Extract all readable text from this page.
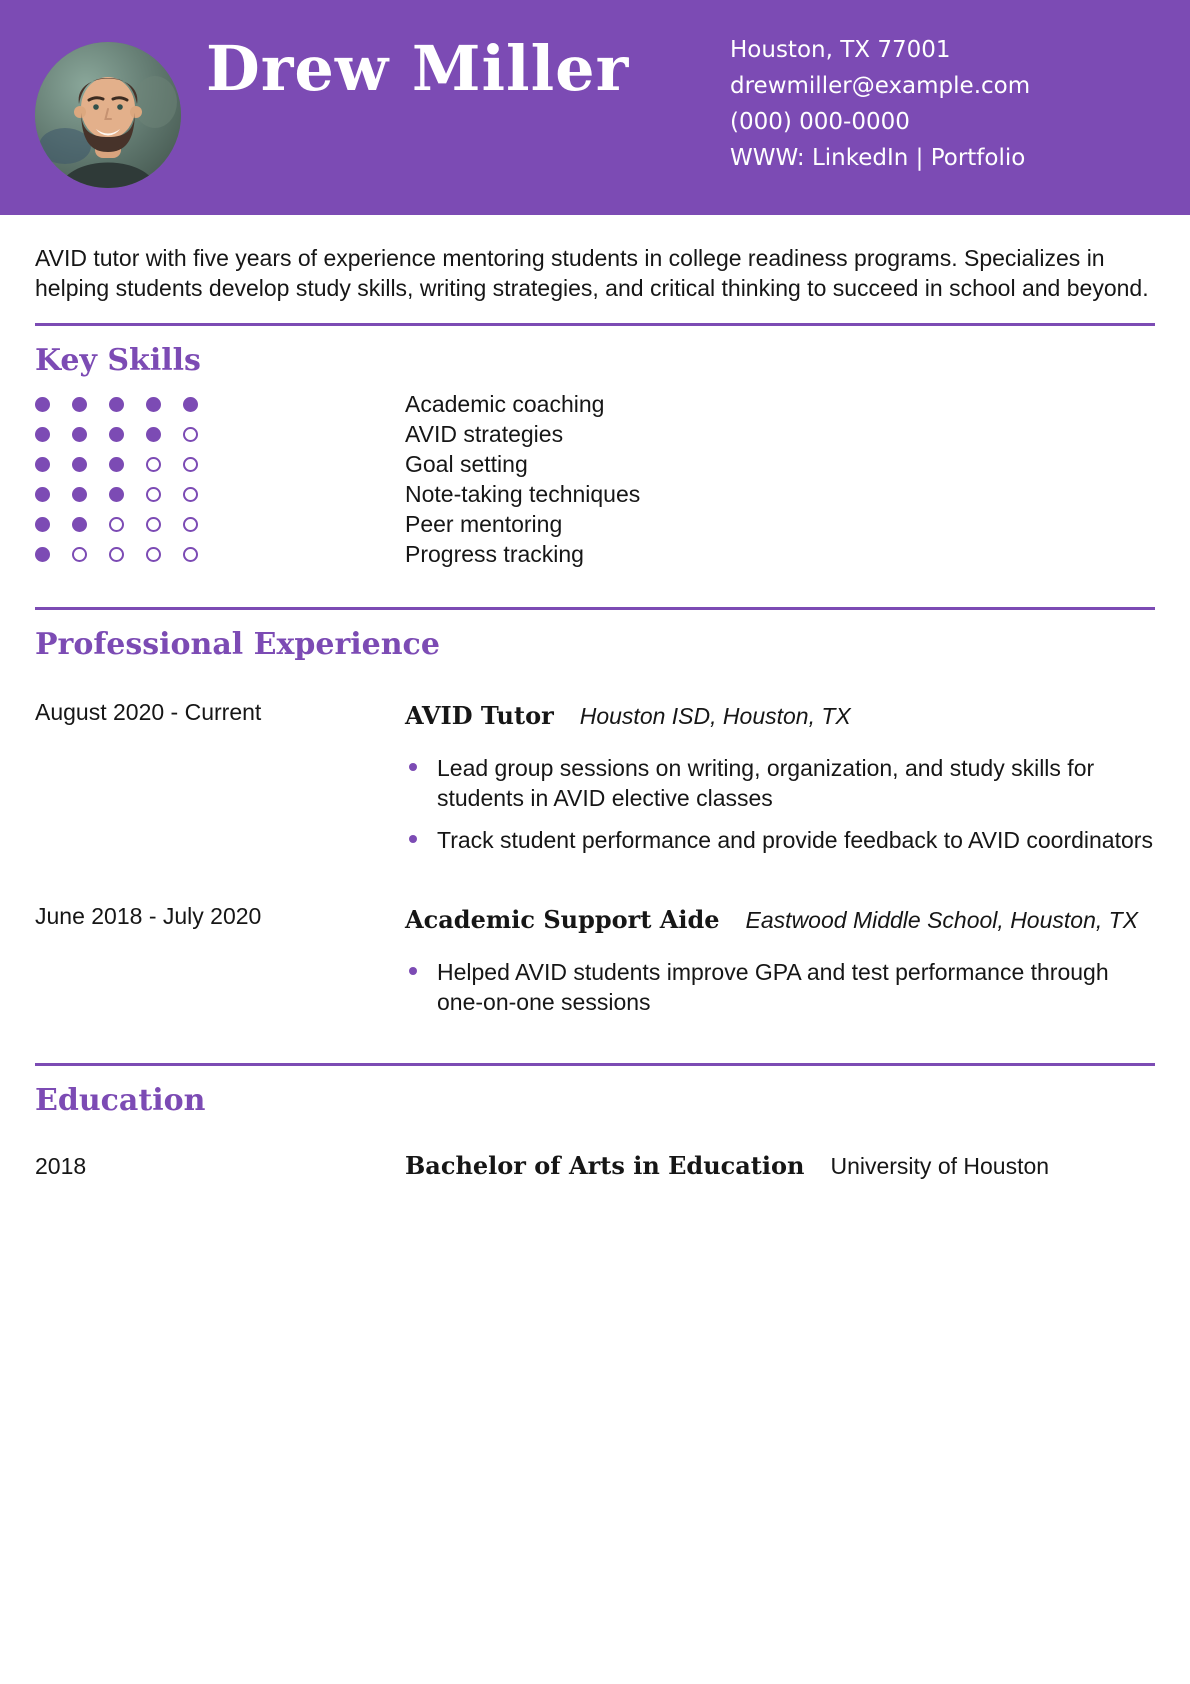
Drew Miller	Houston, TX 77001
drewmiller@example.com
(000) 000-0000
WWW: LinkedIn | Portfolio

AVID tutor with five years of experience mentoring students in college readiness programs. Specializes in helping students develop study skills, writing strategies, and critical thinking to succeed in school and beyond.

Key Skills
Academic coaching
AVID strategies
Goal setting
Note-taking techniques
Peer mentoring
Progress tracking
Professional Experience
August 2020 - Current	AVID Tutor Houston ISD, Houston, TX

Lead group sessions on writing, organization, and study skills for students in AVID elective classes
Track student performance and provide feedback to AVID coordinators
June 2018 - July 2020	Academic Support Aide Eastwood Middle School, Houston, TX

Helped AVID students improve GPA and test performance through one-on-one sessions
Education
2018	Bachelor of Arts in Education University of Houston
